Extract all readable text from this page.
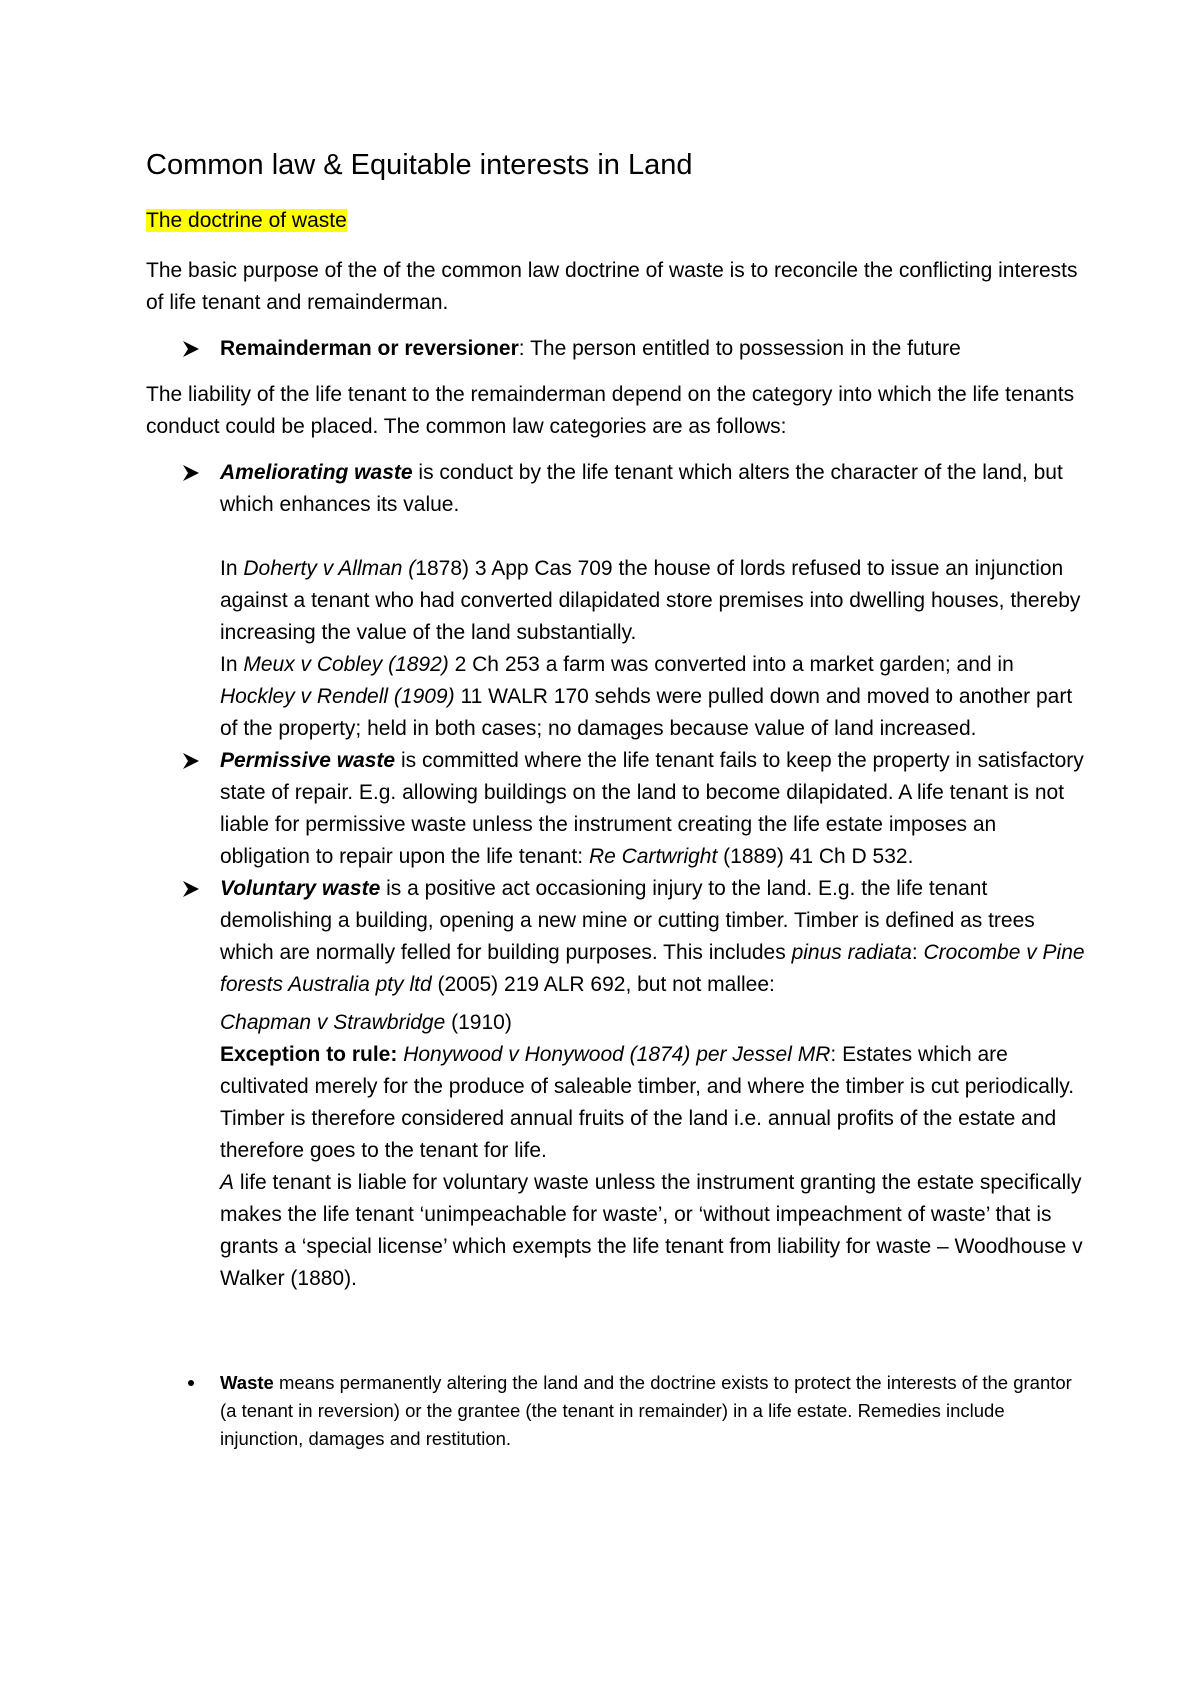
Common law & Equitable interests in Land
The doctrine of waste

The basic purpose of the of the common law doctrine of waste is to reconcile the conflicting interests of life tenant and remainderman.

Remainderman or reversioner: The person entitled to possession in the future

The liability of the life tenant to the remainderman depend on the category into which the life tenants conduct could be placed. The common law categories are as follows:

Ameliorating waste is conduct by the life tenant which alters the character of the land, but which enhances its value.
In Doherty v Allman (1878) 3 App Cas 709 the house of lords refused to issue an injunction against a tenant who had converted dilapidated store premises into dwelling houses, thereby increasing the value of the land substantially.
In Meux v Cobley (1892) 2 Ch 253 a farm was converted into a market garden; and in Hockley v Rendell (1909) 11 WALR 170 sehds were pulled down and moved to another part of the property; held in both cases; no damages because value of land increased.
Permissive waste is committed where the life tenant fails to keep the property in satisfactory state of repair. E.g. allowing buildings on the land to become dilapidated. A life tenant is not liable for permissive waste unless the instrument creating the life estate imposes an obligation to repair upon the life tenant: Re Cartwright (1889) 41 Ch D 532.
Voluntary waste is a positive act occasioning injury to the land. E.g. the life tenant demolishing a building, opening a new mine or cutting timber. Timber is defined as trees which are normally felled for building purposes. This includes pinus radiata: Crocombe v Pine forests Australia pty ltd (2005) 219 ALR 692, but not mallee:
Chapman v Strawbridge (1910)
Exception to rule: Honywood v Honywood (1874) per Jessel MR: Estates which are cultivated merely for the produce of saleable timber, and where the timber is cut periodically. Timber is therefore considered annual fruits of the land i.e. annual profits of the estate and therefore goes to the tenant for life.
A life tenant is liable for voluntary waste unless the instrument granting the estate specifically makes the life tenant ‘unimpeachable for waste’, or ‘without impeachment of waste’ that is grants a ‘special license’ which exempts the life tenant from liability for waste – Woodhouse v Walker (1880).
Waste means permanently altering the land and the doctrine exists to protect the interests of the grantor (a tenant in reversion) or the grantee (the tenant in remainder) in a life estate. Remedies include injunction, damages and restitution.
